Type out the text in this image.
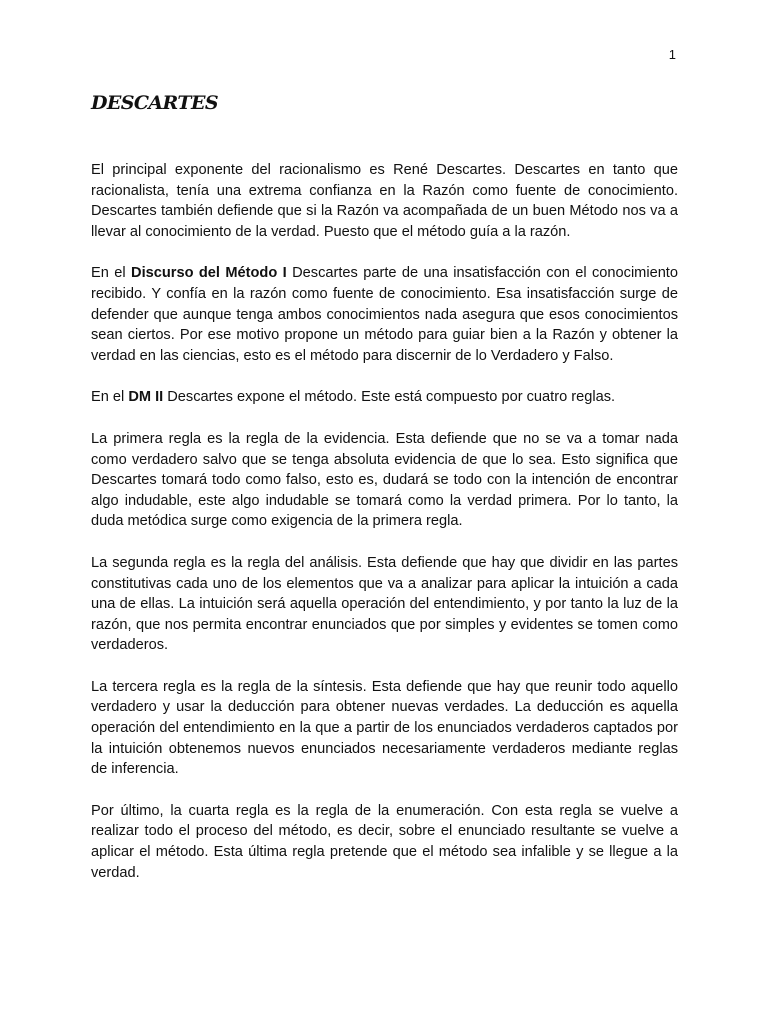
1
DESCARTES

El principal exponente del racionalismo es René Descartes. Descartes en tanto que racionalista, tenía una extrema confianza en la Razón como fuente de conocimiento. Descartes también defiende que si la Razón va acompañada de un buen Método nos va a llevar al conocimiento de la verdad. Puesto que el método guía a la razón.

En el Discurso del Método I Descartes parte de una insatisfacción con el conocimiento recibido. Y confía en la razón como fuente de conocimiento. Esa insatisfacción surge de defender que aunque tenga ambos conocimientos nada asegura que esos conocimientos sean ciertos. Por ese motivo propone un método para guiar bien a la Razón y obtener la verdad en las ciencias, esto es el método para discernir de lo Verdadero y Falso.

En el DM II Descartes expone el método. Este está compuesto por cuatro reglas.

La primera regla es la regla de la evidencia. Esta defiende que no se va a tomar nada como verdadero salvo que se tenga absoluta evidencia de que lo sea. Esto significa que Descartes tomará todo como falso, esto es, dudará se todo con la intención de encontrar algo indudable, este algo indudable se tomará como la verdad primera. Por lo tanto, la duda metódica surge como exigencia de la primera regla.

La segunda regla es la regla del análisis. Esta defiende que hay que dividir en las partes constitutivas cada uno de los elementos que va a analizar para aplicar la intuición a cada una de ellas. La intuición será aquella operación del entendimiento, y por tanto la luz de la razón, que nos permita encontrar enunciados que por simples y evidentes se tomen como verdaderos.

La tercera regla es la regla de la síntesis. Esta defiende que hay que reunir todo aquello verdadero y usar la deducción para obtener nuevas verdades. La deducción es aquella operación del entendimiento en la que a partir de los enunciados verdaderos captados por la intuición obtenemos nuevos enunciados necesariamente verdaderos mediante reglas de inferencia.

Por último, la cuarta regla es la regla de la enumeración. Con esta regla se vuelve a realizar todo el proceso del método, es decir, sobre el enunciado resultante se vuelve a aplicar el método. Esta última regla pretende que el método sea infalible y se llegue a la verdad.
